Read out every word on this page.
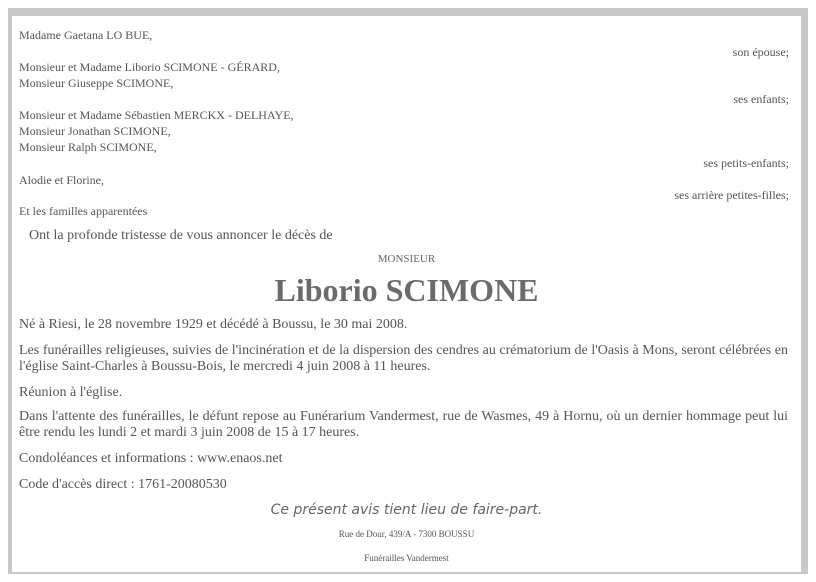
Madame Gaetana LO BUE,
son épouse;
Monsieur et Madame Liborio SCIMONE - GÉRARD,
Monsieur Giuseppe SCIMONE,
ses enfants;
Monsieur et Madame Sébastien MERCKX - DELHAYE,
Monsieur Jonathan SCIMONE,
Monsieur Ralph SCIMONE,
ses petits-enfants;
Alodie et Florine,
ses arrière petites-filles;
Et les familles apparentées
Ont la profonde tristesse de vous annoncer le décès de
MONSIEUR
Liborio SCIMONE
Né à Riesi, le 28 novembre 1929 et décédé à Boussu, le 30 mai 2008.
Les funérailles religieuses, suivies de l'incinération et de la dispersion des cendres au crématorium de l'Oasis à Mons, seront célébrées en l'église Saint-Charles à Boussu-Bois, le mercredi 4 juin 2008 à 11 heures.
Réunion à l'église.
Dans l'attente des funérailles, le défunt repose au Funérarium Vandermest, rue de Wasmes, 49 à Hornu, où un dernier hommage peut lui être rendu les lundi 2 et mardi 3 juin 2008 de 15 à 17 heures.
Condoléances et informations : www.enaos.net
Code d'accès direct : 1761-20080530
Ce présent avis tient lieu de faire-part.
Rue de Dour, 439/A - 7300 BOUSSU
Funérailles Vandermest
